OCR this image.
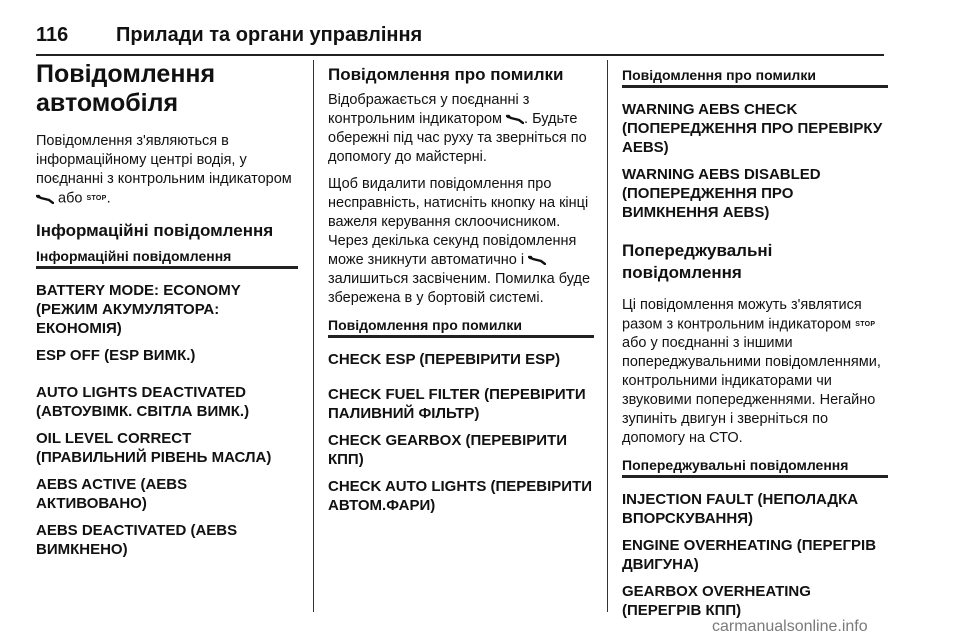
116 Прилади та органи управління
Повідомлення автомобіля
Повідомлення з'являються в інформаційному центрі водія, у поєднанні з контрольним індикатором  або STOP.
Інформаційні повідомлення
Інформаційні повідомлення
BATTERY MODE: ECONOMY (РЕЖИМ АКУМУЛЯТОРА: ЕКОНОМІЯ)
ESP OFF (ESP ВИМК.)
AUTO LIGHTS DEACTIVATED (АВТОУВІМК. СВІТЛА ВИМК.)
OIL LEVEL CORRECT (ПРАВИЛЬНИЙ РІВЕНЬ МАСЛА)
AEBS ACTIVE (AEBS АКТИВОВАНО)
AEBS DEACTIVATED (AEBS ВИМКНЕНО)
Повідомлення про помилки
Відображається у поєднанні з контрольним індикатором . Будьте обережні під час руху та зверніться по допомогу до майстерні.
Щоб видалити повідомлення про несправність, натисніть кнопку на кінці важеля керування склоочисником. Через декілька секунд повідомлення може зникнути автоматично і  залишиться засвіченим. Помилка буде збережена в у бортовій системі.
Повідомлення про помилки
CHECK ESP (ПЕРЕВІРИТИ ESP)
CHECK FUEL FILTER (ПЕРЕВІРИТИ ПАЛИВНИЙ ФІЛЬТР)
CHECK GEARBOX (ПЕРЕВІРИТИ КПП)
CHECK AUTO LIGHTS (ПЕРЕВІРИТИ АВТОМ.ФАРИ)
Повідомлення про помилки
WARNING AEBS CHECK (ПОПЕРЕДЖЕННЯ ПРО ПЕРЕВІРКУ AEBS)
WARNING AEBS DISABLED (ПОПЕРЕДЖЕННЯ ПРО ВИМКНЕННЯ AEBS)
Попереджувальні повідомлення
Ці повідомлення можуть з'являтися разом з контрольним індикатором STOP або у поєднанні з іншими попереджувальними повідомленнями, контрольними індикаторами чи звуковими попередженнями. Негайно зупиніть двигун і зверніться по допомогу на СТО.
Попереджувальні повідомлення
INJECTION FAULT (НЕПОЛАДКА ВПОРСКУВАННЯ)
ENGINE OVERHEATING (ПЕРЕГРІВ ДВИГУНА)
GEARBOX OVERHEATING (ПЕРЕГРІВ КПП)
carmanualsonline.info
